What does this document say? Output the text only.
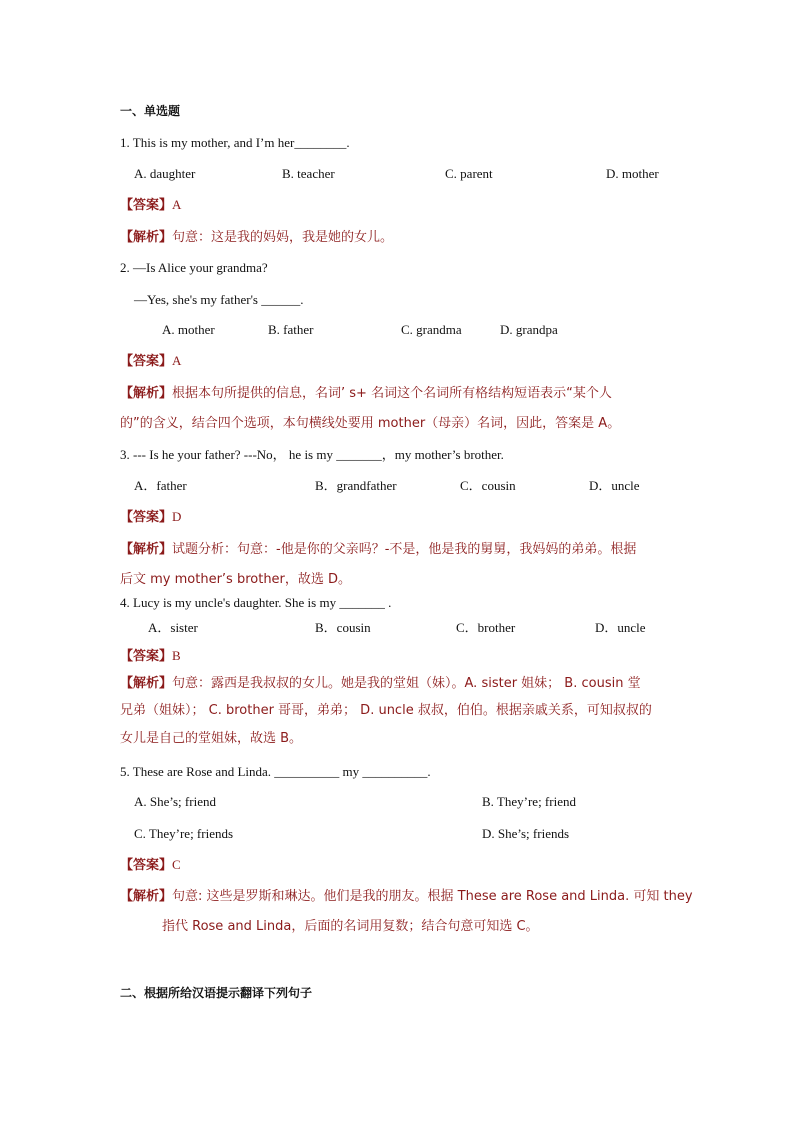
一、单选题
1. This is my mother, and I’m her________.
A. daughter	B. teacher	C. parent	D. mother
【答案】A
【解析】句意：这是我的妈妈，我是她的女儿。
2. —Is Alice your grandma?
—Yes, she's my father's ______.
A. mother	B. father	C. grandma	D. grandpa
【答案】A
【解析】根据本句所提供的信息，名词’ s+ 名词这个名词所有格结构短语表示“某个人
的”的含义，结合四个选项，本句横线处要用 mother（母亲）名词，因此，答案是 A。
3. --- Is he your father? ---No， he is my _______，my mother’s brother.
A．father	B．grandfather	C．cousin	D．uncle
【答案】D
【解析】试题分析：句意：-他是你的父亲吗？-不是，他是我的舅舅，我妈妈的弟弟。根据
后文 my mother’s brother，故选 D。
4. Lucy is my uncle's daughter. She is my _______ .
A．sister	B．cousin	C．brother	D．uncle
【答案】B
【解析】句意：露西是我叔叔的女儿。她是我的堂姐（妹）。A. sister 姐妹； B. cousin 堂
兄弟（姐妹）； C. brother 哥哥，弟弟； D. uncle 叔叔，伯伯。根据亲戚关系，可知叔叔的
女儿是自己的堂姐妹，故选 B。
5. These are Rose and Linda. __________ my __________.
A. She’s; friend	B. They’re; friend
C. They’re; friends	D. She’s; friends
【答案】C
【解析】句意: 这些是罗斯和琳达。他们是我的朋友。根据 These are Rose and Linda. 可知 they
指代 Rose and Linda，后面的名词用复数；结合句意可知选 C。
二、根据所给汉语提示翻译下列句子
